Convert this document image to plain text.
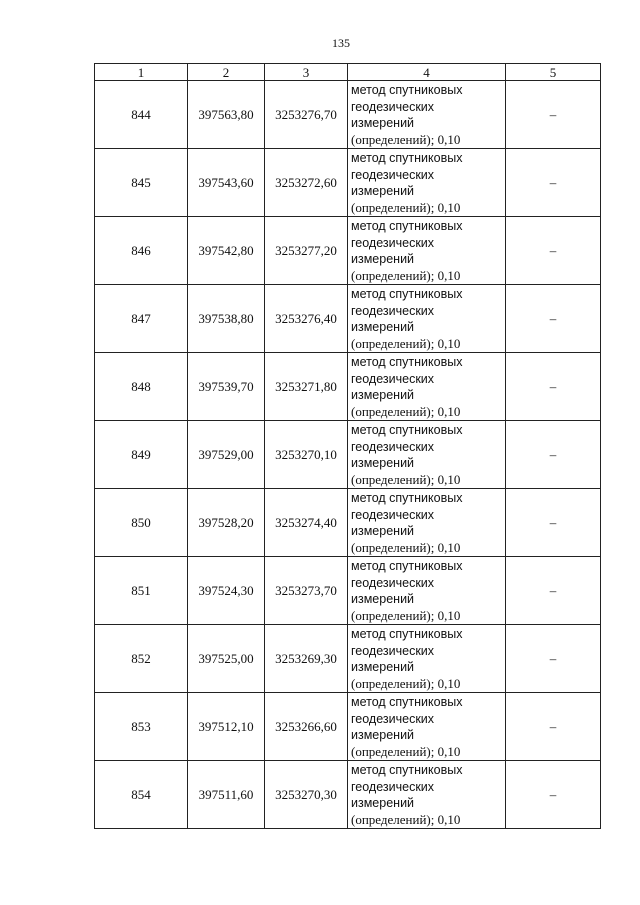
135
1	2	3	4	5
844	397563,80	3253276,70	метод спутниковых
геодезических
измерений
(определений); 0,10	–
845	397543,60	3253272,60	метод спутниковых
геодезических
измерений
(определений); 0,10	–
846	397542,80	3253277,20	метод спутниковых
геодезических
измерений
(определений); 0,10	–
847	397538,80	3253276,40	метод спутниковых
геодезических
измерений
(определений); 0,10	–
848	397539,70	3253271,80	метод спутниковых
геодезических
измерений
(определений); 0,10	–
849	397529,00	3253270,10	метод спутниковых
геодезических
измерений
(определений); 0,10	–
850	397528,20	3253274,40	метод спутниковых
геодезических
измерений
(определений); 0,10	–
851	397524,30	3253273,70	метод спутниковых
геодезических
измерений
(определений); 0,10	–
852	397525,00	3253269,30	метод спутниковых
геодезических
измерений
(определений); 0,10	–
853	397512,10	3253266,60	метод спутниковых
геодезических
измерений
(определений); 0,10	–
854	397511,60	3253270,30	метод спутниковых
геодезических
измерений
(определений); 0,10	–
